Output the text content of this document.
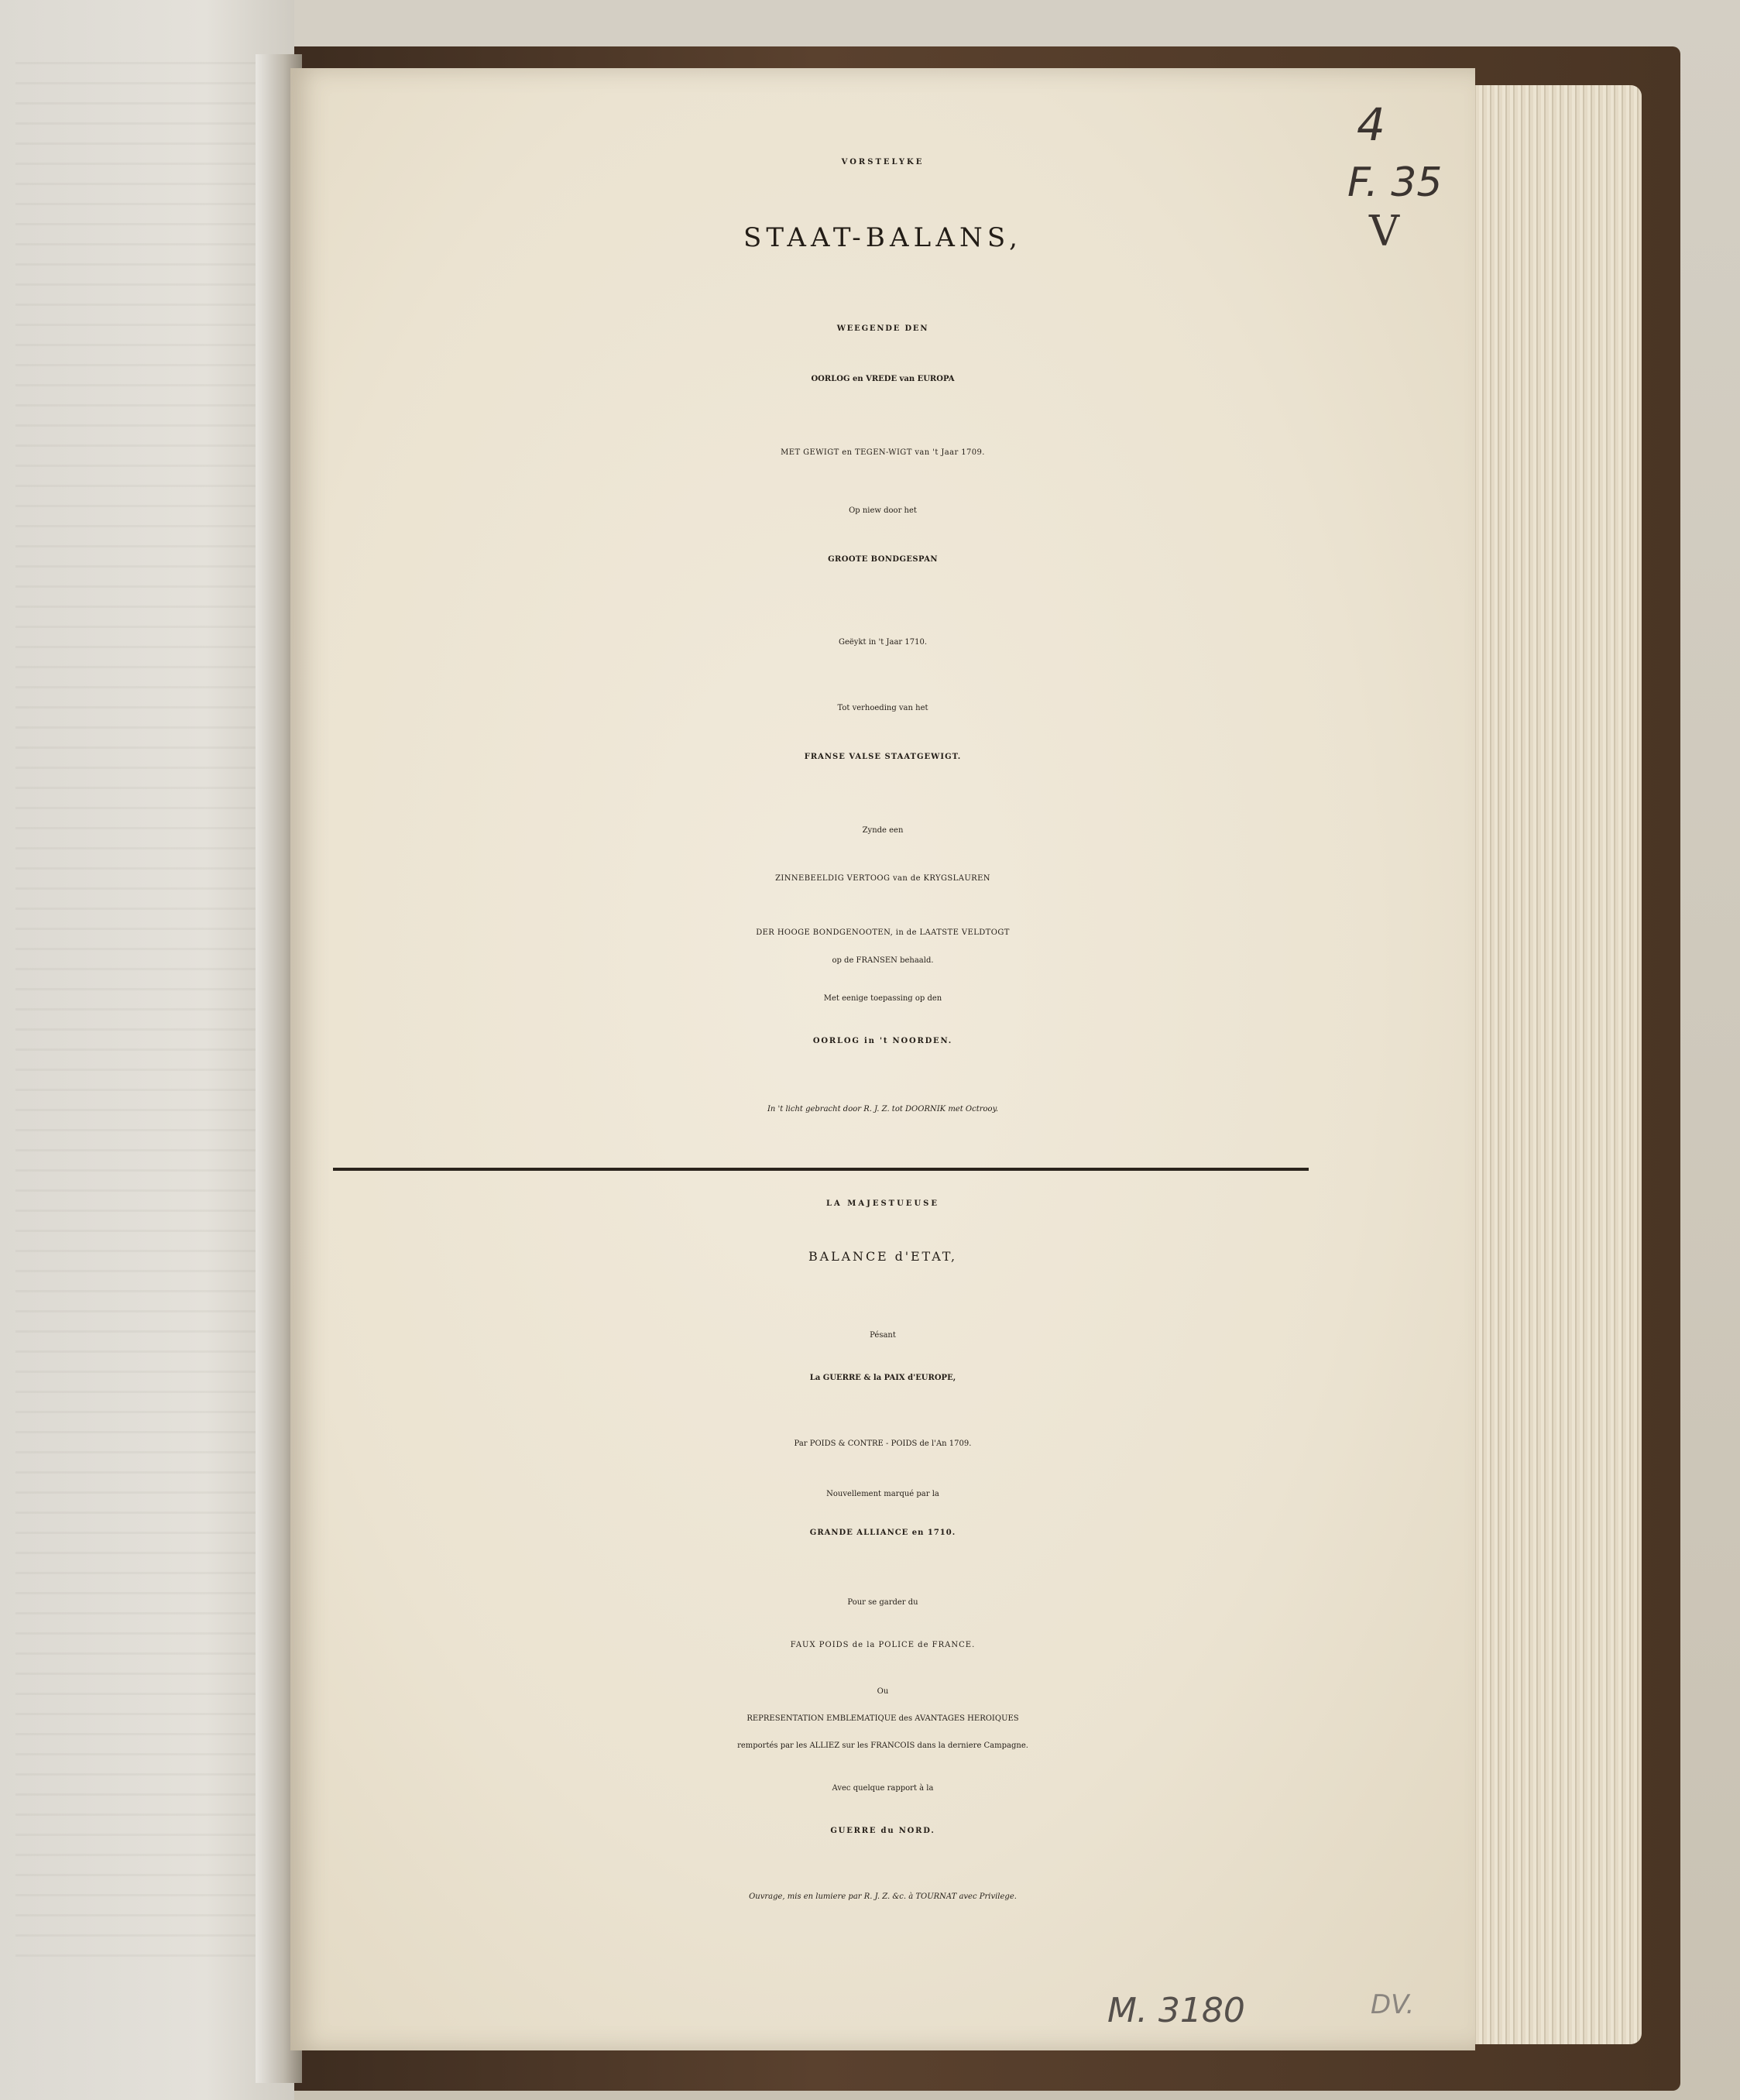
4
F. 35
V

VORSTELYKE

STAAT-BALANS,

WEEGENDE DEN

OORLOG en VREDE van EUROPA

MET GEWIGT en TEGEN-WIGT van 't Jaar 1709.

Op niew door het

GROOTE BONDGESPAN

Geëykt in 't Jaar 1710.

Tot verhoeding van het

FRANSE VALSE STAATGEWIGT.

Zynde een

ZINNEBEELDIG VERTOOG van de KRYGSLAUREN

DER HOOGE BONDGENOOTEN, in de LAATSTE VELDTOGT

op de FRANSEN behaald.

Met eenige toepassing op den

OORLOG in 't NOORDEN.

In 't licht gebracht door R. J. Z. tot DOORNIK met Octrooy.

LA MAJESTUEUSE

BALANCE d'ETAT,

Pésant

La GUERRE & la PAIX d'EUROPE,

Par POIDS & CONTRE - POIDS de l'An 1709.

Nouvellement marqué par la

GRANDE ALLIANCE en 1710.

Pour se garder du

FAUX POIDS de la POLICE de FRANCE.

Ou

REPRESENTATION EMBLEMATIQUE des AVANTAGES HEROIQUES

remportés par les ALLIEZ sur les FRANCOIS dans la derniere Campagne.

Avec quelque rapport à la

GUERRE du NORD.

Ouvrage, mis en lumiere par R. J. Z. &c. à TOURNAT avec Privilege.

M. 3180	DV.
